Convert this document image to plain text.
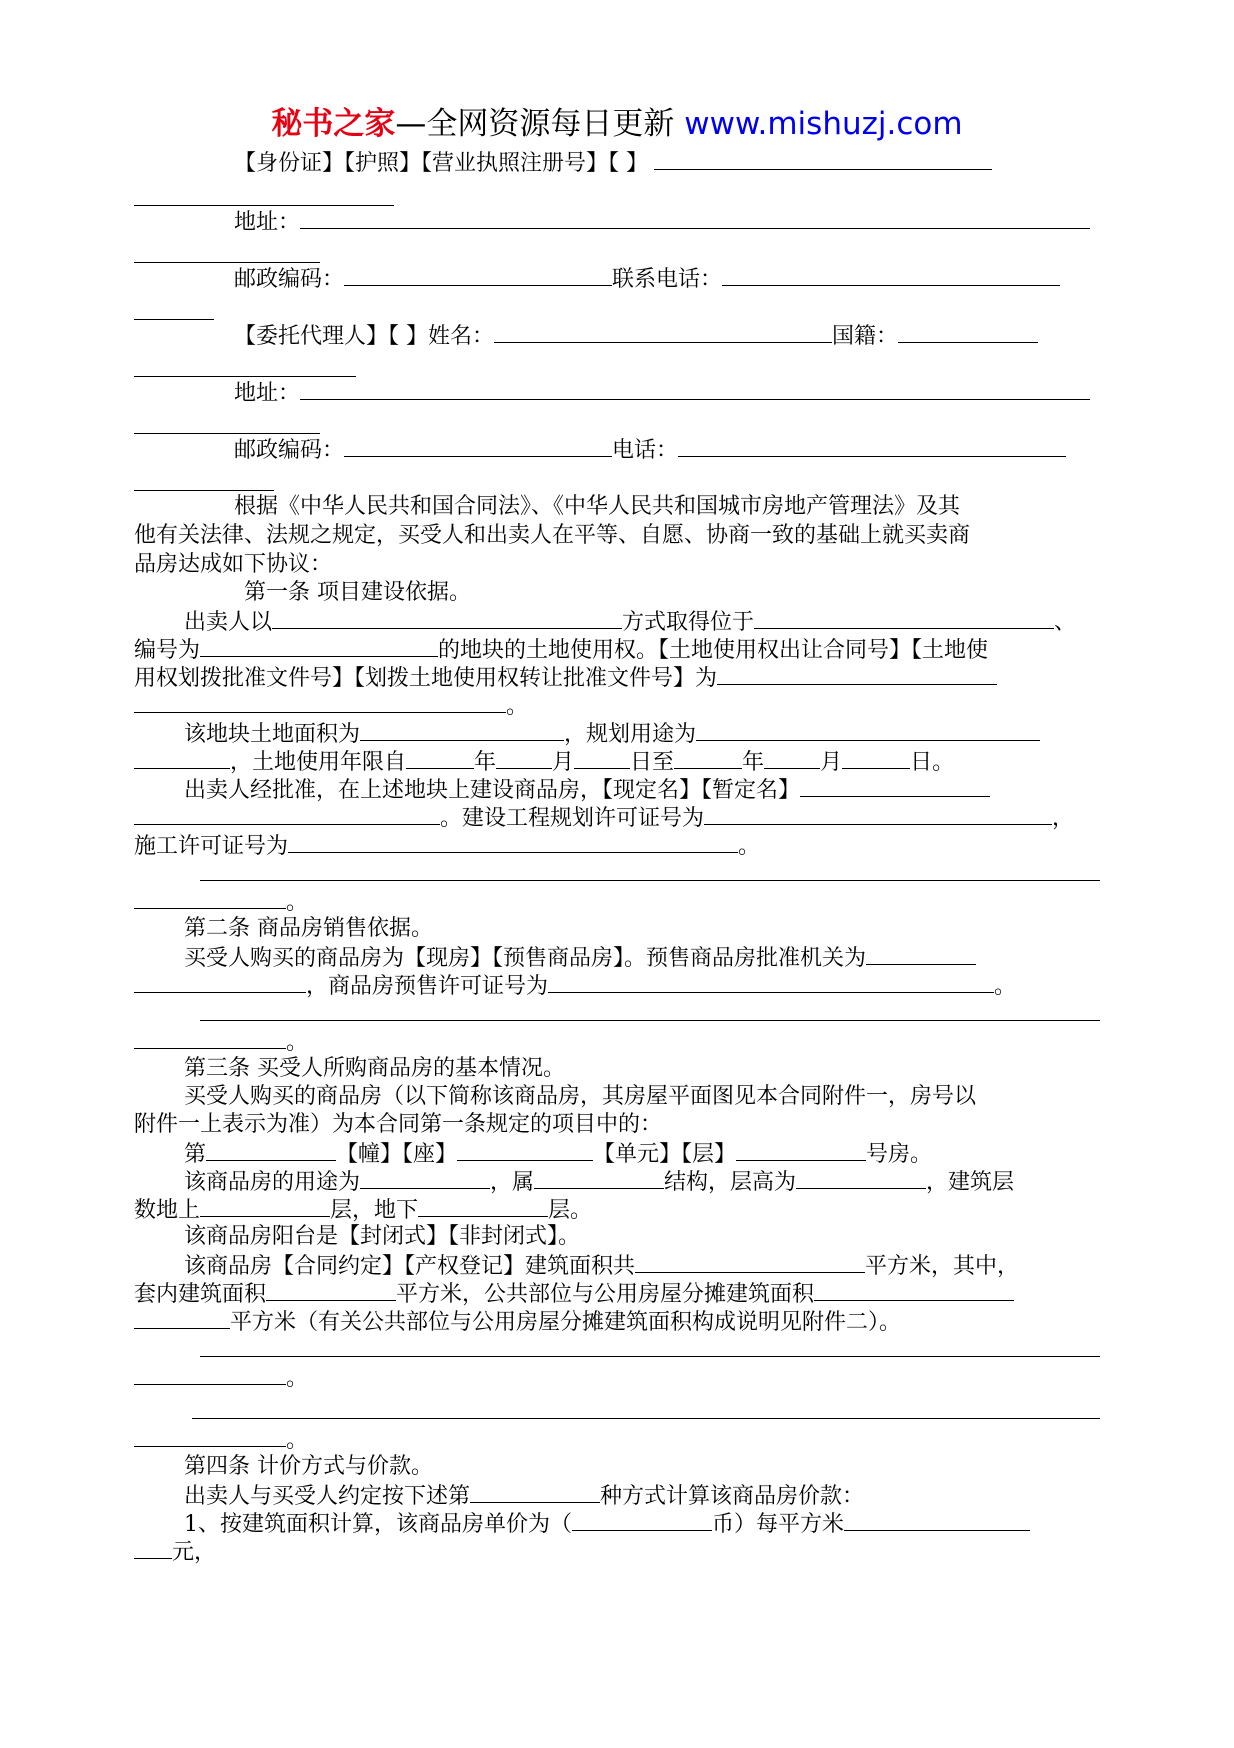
秘书之家—全网资源每日更新 www.mishuzj.com
【身份证】【护照】【营业执照注册号】【 】
地址：
邮政编码：	联系电话：
【委托代理人】【 】姓名：	国籍：
地址：
邮政编码：	电话：
根据《中华人民共和国合同法》、《中华人民共和国城市房地产管理法》及其
他有关法律、法规之规定，买受人和出卖人在平等、自愿、协商一致的基础上就买卖商
品房达成如下协议：
第一条 项目建设依据。
出卖人以	方式取得位于	、
编号为	的地块的土地使用权。【土地使用权出让合同号】【土地使
用权划拨批准文件号】【划拨土地使用权转让批准文件号】为
。
该地块土地面积为	，规划用途为
，土地使用年限自	年	月	日至	年	月	日。
出卖人经批准，在上述地块上建设商品房，【现定名】【暂定名】
。建设工程规划许可证号为	，
施工许可证号为	。
。
第二条 商品房销售依据。
买受人购买的商品房为【现房】【预售商品房】。预售商品房批准机关为
，商品房预售许可证号为	。
。
第三条 买受人所购商品房的基本情况。
买受人购买的商品房（以下简称该商品房，其房屋平面图见本合同附件一，房号以
附件一上表示为准）为本合同第一条规定的项目中的：
第	【幢】【座】	【单元】【层】	号房。
该商品房的用途为	，属	结构，层高为	，建筑层
数地上	层，地下	层。
该商品房阳台是【封闭式】【非封闭式】。
该商品房【合同约定】【产权登记】建筑面积共	平方米，其中，
套内建筑面积	平方米，公共部位与公用房屋分摊建筑面积
平方米（有关公共部位与公用房屋分摊建筑面积构成说明见附件二）。
。
。
第四条 计价方式与价款。
出卖人与买受人约定按下述第	种方式计算该商品房价款：
1、按建筑面积计算，该商品房单价为（	币）每平方米
元，
